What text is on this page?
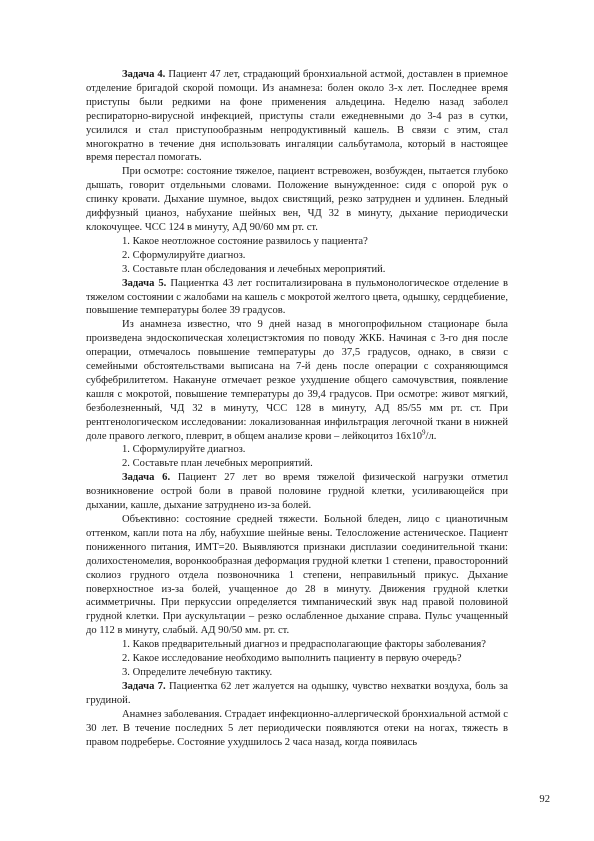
Задача 4. Пациент 47 лет, страдающий бронхиальной астмой, доставлен в приемное отделение бригадой скорой помощи. Из анамнеза: болен около 3-х лет. Последнее время приступы были редкими на фоне применения альдецина. Неделю назад заболел респираторно-вирусной инфекцией, приступы стали ежедневными до 3-4 раз в сутки, усилился и стал приступообразным непродуктивный кашель. В связи с этим, стал многократно в течение дня использовать ингаляции сальбутамола, который в настоящее время перестал помогать.

При осмотре: состояние тяжелое, пациент встревожен, возбужден, пытается глубоко дышать, говорит отдельными словами. Положение вынужденное: сидя с опорой рук о спинку кровати. Дыхание шумное, выдох свистящий, резко затруднен и удлинен. Бледный диффузный цианоз, набухание шейных вен, ЧД 32 в минуту, дыхание периодически клокочущее. ЧСС 124 в минуту, АД 90/60 мм рт. ст.

1. Какое неотложное состояние развилось у пациента?

2. Сформулируйте диагноз.

3. Составьте план обследования и лечебных мероприятий.

Задача 5. Пациентка 43 лет госпитализирована в пульмонологическое отделение в тяжелом состоянии с жалобами на кашель с мокротой желтого цвета, одышку, сердцебиение, повышение температуры более 39 градусов.

Из анамнеза известно, что 9 дней назад в многопрофильном стационаре была произведена эндоскопическая холецистэктомия по поводу ЖКБ. Начиная с 3-го дня после операции, отмечалось повышение температуры до 37,5 градусов, однако, в связи с семейными обстоятельствами выписана на 7-й день после операции с сохраняющимся субфебрилитетом. Накануне отмечает резкое ухудшение общего самочувствия, появление кашля с мокротой, повышение температуры до 39,4 градусов. При осмотре: живот мягкий, безболезненный, ЧД 32 в минуту, ЧСС 128 в минуту, АД 85/55 мм рт. ст. При рентгенологическом исследовании: локализованная инфильтрация легочной ткани в нижней доле правого легкого, плеврит, в общем анализе крови – лейкоцитоз $16х10^9/л$.

1. Сформулируйте диагноз.

2. Составьте план лечебных мероприятий.

Задача 6. Пациент 27 лет во время тяжелой физической нагрузки отметил возникновение острой боли в правой половине грудной клетки, усиливающейся при дыхании, кашле, дыхание затруднено из-за болей.

Объективно: состояние средней тяжести. Больной бледен, лицо с цианотичным оттенком, капли пота на лбу, набухшие шейные вены. Телосложение астеническое. Пациент пониженного питания, ИМТ=20. Выявляются признаки дисплазии соединительной ткани: долихостеномелия, воронкообразная деформация грудной клетки 1 степени, правосторонний сколиоз грудного отдела позвоночника 1 степени, неправильный прикус. Дыхание поверхностное из-за болей, учащенное до 28 в минуту. Движения грудной клетки асимметричны. При перкуссии определяется тимпанический звук над правой половиной грудной клетки. При аускультации – резко ослабленное дыхание справа. Пульс учащенный до 112 в минуту, слабый. АД 90/50 мм. рт. ст.

1. Каков предварительный диагноз и предрасполагающие факторы заболевания?

2. Какое исследование необходимо выполнить пациенту в первую очередь?

3. Определите лечебную тактику.

Задача 7. Пациентка 62 лет жалуется на одышку, чувство нехватки воздуха, боль за грудиной.

Анамнез заболевания. Страдает инфекционно-аллергической бронхиальной астмой с 30 лет. В течение последних 5 лет периодически появляются отеки на ногах, тяжесть в правом подреберье. Состояние ухудшилось 2 часа назад, когда появилась

92
